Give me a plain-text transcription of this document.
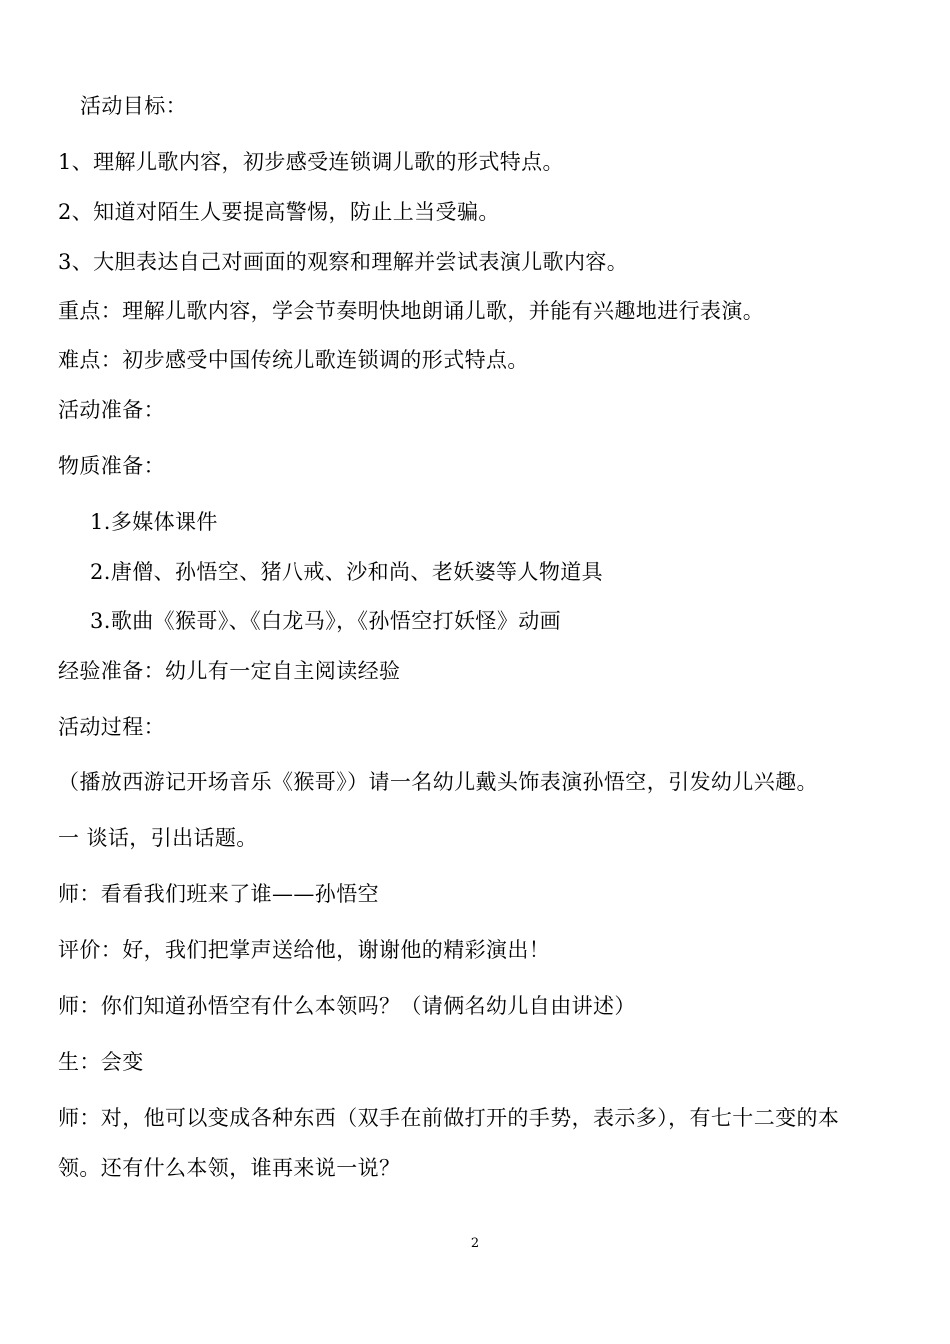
活动目标：
1、理解儿歌内容，初步感受连锁调儿歌的形式特点。
2、知道对陌生人要提高警惕，防止上当受骗。
3、大胆表达自己对画面的观察和理解并尝试表演儿歌内容。
重点：理解儿歌内容，学会节奏明快地朗诵儿歌，并能有兴趣地进行表演。
难点：初步感受中国传统儿歌连锁调的形式特点。
活动准备：
物质准备：
1.多媒体课件
2.唐僧、孙悟空、猪八戒、沙和尚、老妖婆等人物道具
3.歌曲《猴哥》、《白龙马》，《孙悟空打妖怪》动画
经验准备：幼儿有一定自主阅读经验
活动过程：
（播放西游记开场音乐《猴哥》）请一名幼儿戴头饰表演孙悟空，引发幼儿兴趣。
一 谈话，引出话题。
师：看看我们班来了谁——孙悟空
评价：好，我们把掌声送给他，谢谢他的精彩演出！
师：你们知道孙悟空有什么本领吗？（请俩名幼儿自由讲述）
生：会变
师：对，他可以变成各种东西（双手在前做打开的手势，表示多），有七十二变的本
领。还有什么本领，谁再来说一说？
2
